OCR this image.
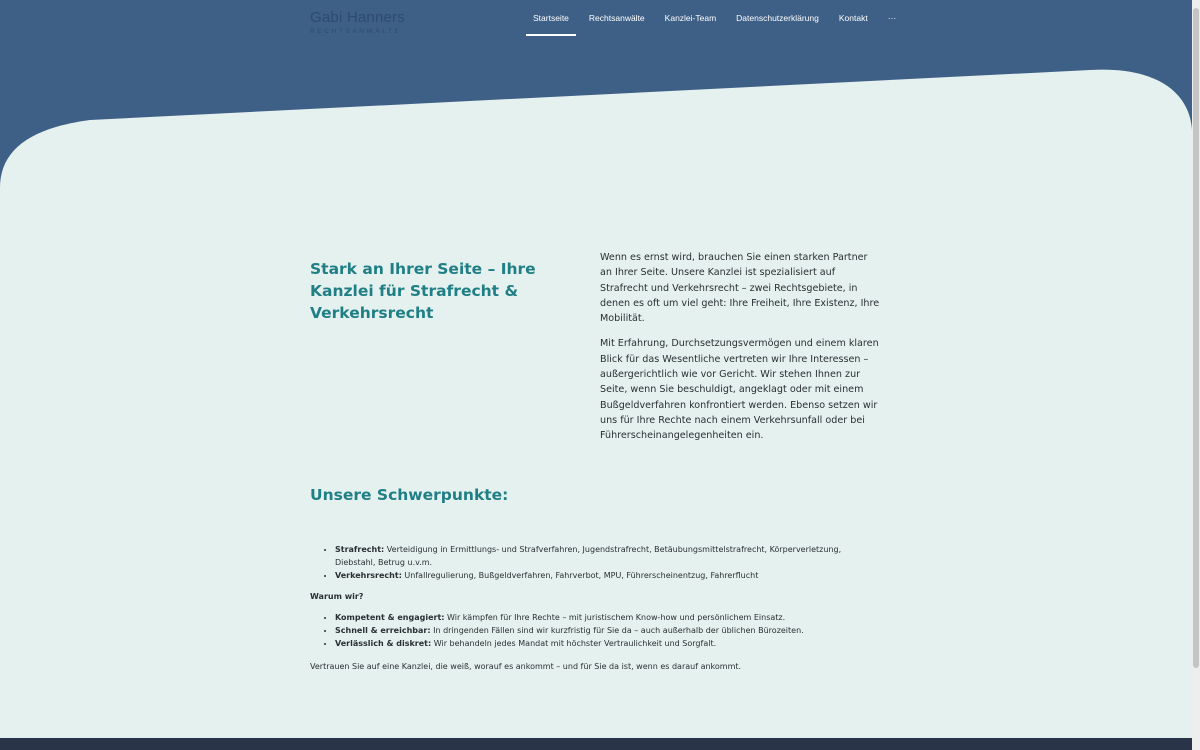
Gabi Hanners
RECHTSANWÄLTE
Startseite	Rechtsanwälte	Kanzlei-Team	Datenschutzerklärung	Kontakt	···
Stark an Ihrer Seite – Ihre Kanzlei für Strafrecht & Verkehrsrecht

Wenn es ernst wird, brauchen Sie einen starken Partner an Ihrer Seite. Unsere Kanzlei ist spezialisiert auf Strafrecht und Verkehrsrecht – zwei Rechtsgebiete, in denen es oft um viel geht: Ihre Freiheit, Ihre Existenz, Ihre Mobilität.

Mit Erfahrung, Durchsetzungsvermögen und einem klaren Blick für das Wesentliche vertreten wir Ihre Interessen – außergerichtlich wie vor Gericht. Wir stehen Ihnen zur Seite, wenn Sie beschuldigt, angeklagt oder mit einem Bußgeldverfahren konfrontiert werden. Ebenso setzen wir uns für Ihre Rechte nach einem Verkehrsunfall oder bei Führerscheinangelegenheiten ein.

Unsere Schwerpunkte:
• Strafrecht: Verteidigung in Ermittlungs- und Strafverfahren, Jugendstrafrecht, Betäubungsmittelstrafrecht, Körperverletzung, Diebstahl, Betrug u.v.m.
• Verkehrsrecht: Unfallregulierung, Bußgeldverfahren, Fahrverbot, MPU, Führerscheinentzug, Fahrerflucht

Warum wir?

• Kompetent & engagiert: Wir kämpfen für Ihre Rechte – mit juristischem Know-how und persönlichem Einsatz.
• Schnell & erreichbar: In dringenden Fällen sind wir kurzfristig für Sie da – auch außerhalb der üblichen Bürozeiten.
• Verlässlich & diskret: Wir behandeln jedes Mandat mit höchster Vertraulichkeit und Sorgfalt.

Vertrauen Sie auf eine Kanzlei, die weiß, worauf es ankommt – und für Sie da ist, wenn es darauf ankommt.
